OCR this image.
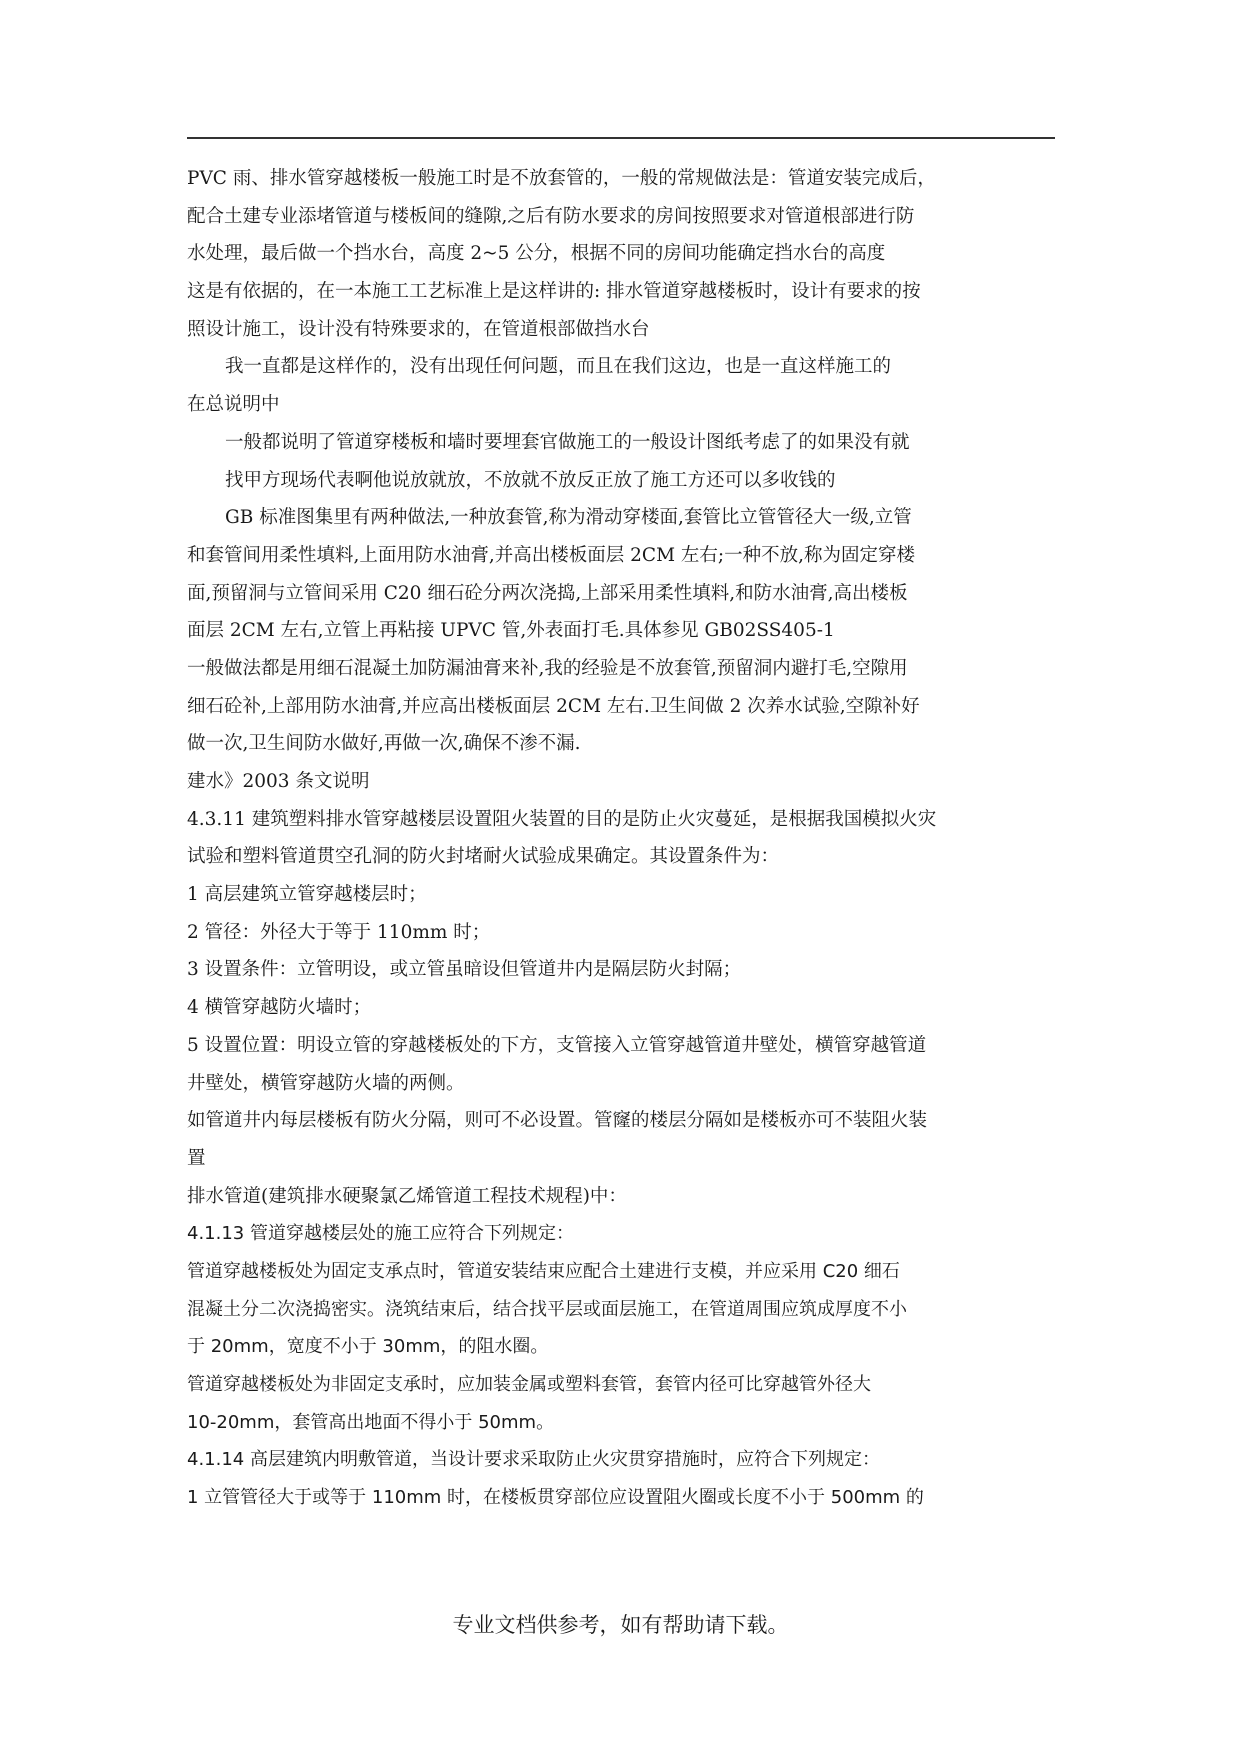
PVC 雨、排水管穿越楼板一般施工时是不放套管的，一般的常规做法是：管道安装完成后，
配合土建专业添堵管道与楼板间的缝隙,之后有防水要求的房间按照要求对管道根部进行防
水处理，最后做一个挡水台，高度 2~5 公分，根据不同的房间功能确定挡水台的高度
这是有依据的，在一本施工工艺标准上是这样讲的: 排水管道穿越楼板时，设计有要求的按
照设计施工，设计没有特殊要求的，在管道根部做挡水台
我一直都是这样作的，没有出现任何问题，而且在我们这边，也是一直这样施工的
在总说明中
一般都说明了管道穿楼板和墙时要埋套官做施工的一般设计图纸考虑了的如果没有就
找甲方现场代表啊他说放就放，不放就不放反正放了施工方还可以多收钱的
GB 标准图集里有两种做法,一种放套管,称为滑动穿楼面,套管比立管管径大一级,立管
和套管间用柔性填料,上面用防水油膏,并高出楼板面层 2CM 左右;一种不放,称为固定穿楼
面,预留洞与立管间采用 C20 细石砼分两次浇捣,上部采用柔性填料,和防水油膏,高出楼板
面层 2CM 左右,立管上再粘接 UPVC 管,外表面打毛.具体参见 GB02SS405-1
一般做法都是用细石混凝土加防漏油膏来补,我的经验是不放套管,预留洞内避打毛,空隙用
细石砼补,上部用防水油膏,并应高出楼板面层 2CM 左右.卫生间做 2 次养水试验,空隙补好
做一次,卫生间防水做好,再做一次,确保不渗不漏.
建水》2003 条文说明
4.3.11 建筑塑料排水管穿越楼层设置阻火装置的目的是防止火灾蔓延，是根据我国模拟火灾
试验和塑料管道贯空孔洞的防火封堵耐火试验成果确定。其设置条件为：
1 高层建筑立管穿越楼层时；
2 管径：外径大于等于 110mm 时；
3 设置条件：立管明设，或立管虽暗设但管道井内是隔层防火封隔；
4 横管穿越防火墙时；
5 设置位置：明设立管的穿越楼板处的下方，支管接入立管穿越管道井壁处，横管穿越管道
井壁处，横管穿越防火墙的两侧。
如管道井内每层楼板有防火分隔，则可不必设置。管窿的楼层分隔如是楼板亦可不装阻火装
置
排水管道(建筑排水硬聚氯乙烯管道工程技术规程)中：
4.1.13 管道穿越楼层处的施工应符合下列规定：
管道穿越楼板处为固定支承点时，管道安装结束应配合土建进行支模，并应采用 C20 细石
混凝土分二次浇捣密实。浇筑结束后，结合找平层或面层施工，在管道周围应筑成厚度不小
于 20mm，宽度不小于 30mm，的阻水圈。
管道穿越楼板处为非固定支承时，应加装金属或塑料套管，套管内径可比穿越管外径大
10-20mm，套管高出地面不得小于 50mm。
4.1.14 高层建筑内明敷管道，当设计要求采取防止火灾贯穿措施时，应符合下列规定：
1 立管管径大于或等于 110mm 时，在楼板贯穿部位应设置阻火圈或长度不小于 500mm 的
专业文档供参考，如有帮助请下载。
